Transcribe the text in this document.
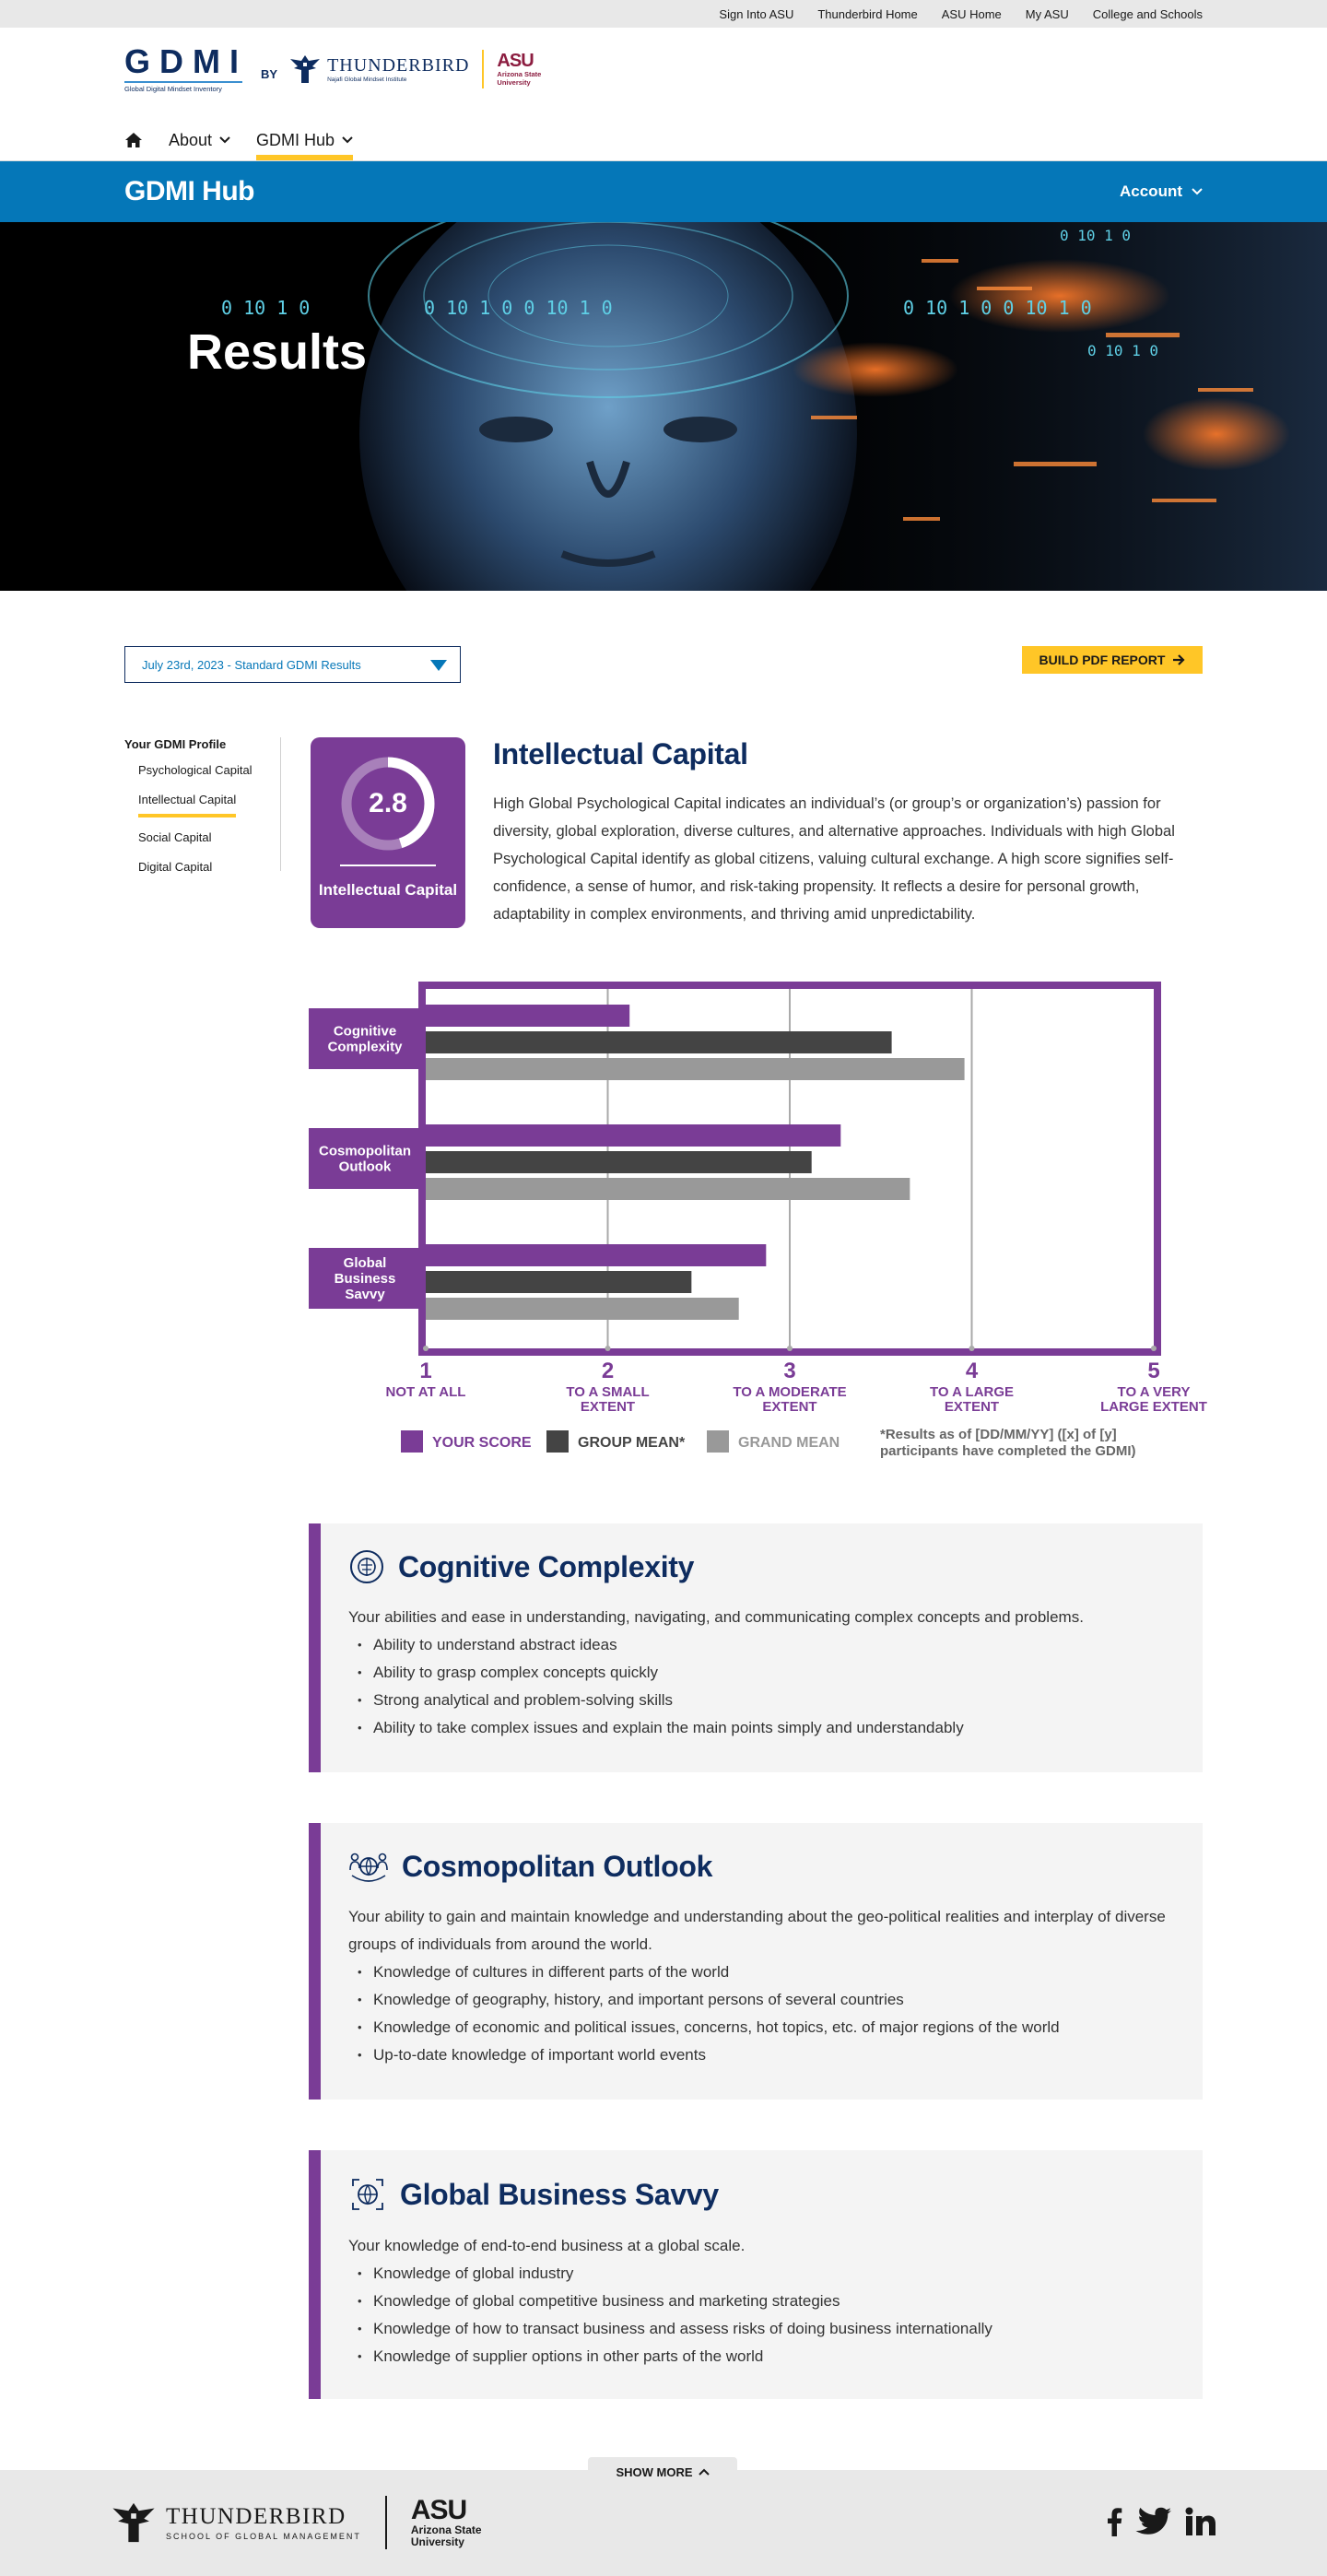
Sign Into ASU Thunderbird Home ASU Home My ASU College and Schools
GDMI
Global Digital Mindset Inventory
BY	THUNDERBIRD
Najafi Global Mindset Institute
ASU
Arizona State
University
About	GDMI Hub
GDMI Hub	Account
0 10 1 0
0 10 1 0	0 10 1 0 0 10 1 0	0 10 1 0 0 10 1 0
0 10 1 0
Results
July 23rd, 2023 - Standard GDMI Results	BUILD PDF REPORT
Your GDMI Profile
Psychological Capital
Intellectual Capital
Social Capital
Digital Capital
2.8
Intellectual Capital
Intellectual Capital
High Global Psychological Capital indicates an individual’s (or group’s or organization’s) passion for diversity, global exploration, diverse cultures, and alternative approaches. Individuals with high Global Psychological Capital identify as global citizens, valuing cultural exchange. A high score signifies self-confidence, a sense of humor, and risk-taking propensity. It reflects a desire for personal growth, adaptability in complex environments, and thriving amid unpredictability.
Cognitive
Complexity
Cosmopolitan
Outlook
Global
Business
Savvy
1
NOT AT ALL
2
TO A SMALL
EXTENT
3
TO A MODERATE
EXTENT
4
TO A LARGE
EXTENT
5
TO A VERY
LARGE EXTENT
YOUR SCORE	GROUP MEAN*	GRAND MEAN
*Results as of [DD/MM/YY] ([x] of [y]
participants have completed the GDMI)
Cognitive Complexity
Your abilities and ease in understanding, navigating, and communicating complex concepts and problems.
• Ability to understand abstract ideas
• Ability to grasp complex concepts quickly
• Strong analytical and problem-solving skills
• Ability to take complex issues and explain the main points simply and understandably
Cosmopolitan Outlook
Your ability to gain and maintain knowledge and understanding about the geo-political realities and interplay of diverse groups of individuals from around the world.
• Knowledge of cultures in different parts of the world
• Knowledge of geography, history, and important persons of several countries
• Knowledge of economic and political issues, concerns, hot topics, etc. of major regions of the world
• Up-to-date knowledge of important world events
Global Business Savvy
Your knowledge of end-to-end business at a global scale.
• Knowledge of global industry
• Knowledge of global competitive business and marketing strategies
• Knowledge of how to transact business and assess risks of doing business internationally
• Knowledge of supplier options in other parts of the world
THUNDERBIRD
SCHOOL OF GLOBAL MANAGEMENT
ASU
Arizona State
University
SHOW MORE
